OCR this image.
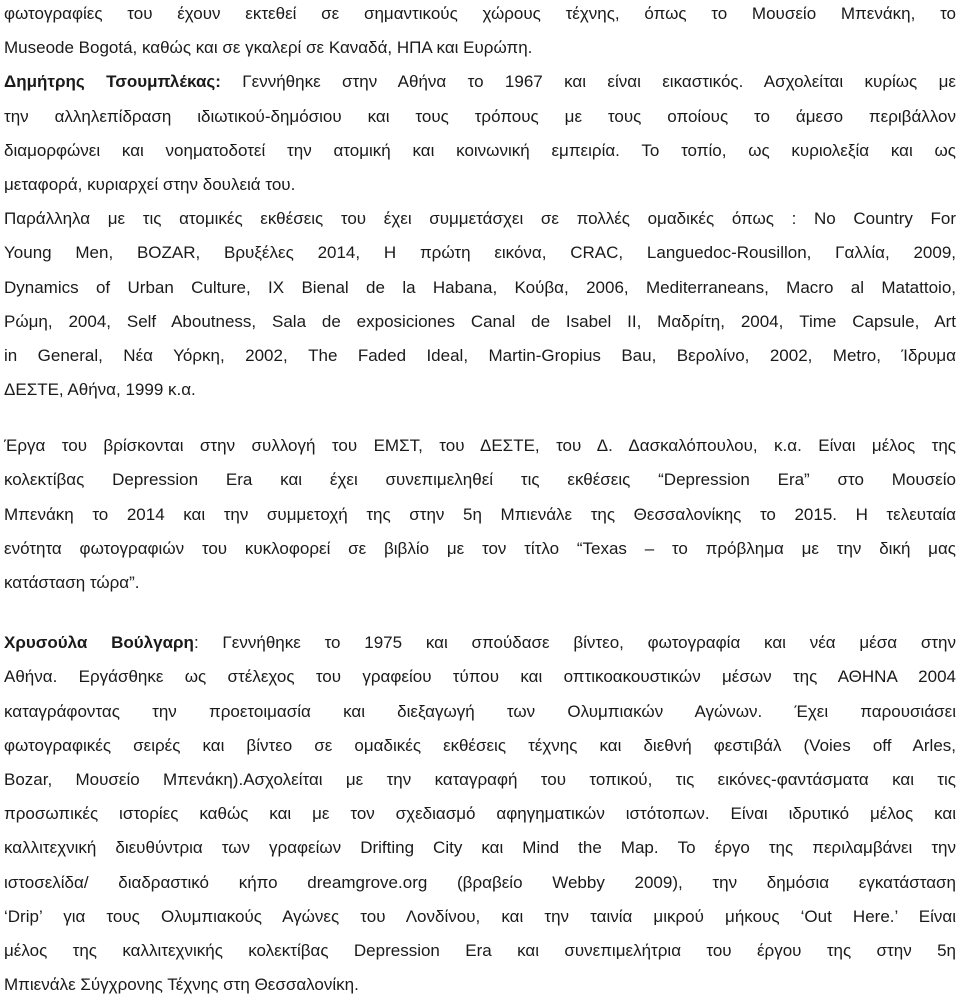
φωτογραφίες του έχουν εκτεθεί σε σημαντικούς χώρους τέχνης, όπως το Μουσείο Μπενάκη, το
Museode Bogotá, καθώς και σε γκαλερί σε Καναδά, ΗΠΑ και Ευρώπη.
Δημήτρης Τσουμπλέκας: Γεννήθηκε στην Αθήνα το 1967 και είναι εικαστικός. Ασχολείται κυρίως με
την αλληλεπίδραση ιδιωτικού-δημόσιου και τους τρόπους με τους οποίους το άμεσο περιβάλλον
διαμορφώνει και νοηματοδοτεί την ατομική και κοινωνική εμπειρία. Το τοπίο, ως κυριολεξία και ως
μεταφορά, κυριαρχεί στην δουλειά του.
Παράλληλα με τις ατομικές εκθέσεις του έχει συμμετάσχει σε πολλές ομαδικές όπως : No Country For
Young Men, BOZAR, Βρυξέλες 2014, Η πρώτη εικόνα, CRAC, Languedoc-Rousillon, Γαλλία, 2009,
Dynamics of Urban Culture, IX Bienal de la Habana, Κούβα, 2006, Mediterraneans, Macro al Matattoio,
Ρώμη, 2004, Self Aboutness, Sala de exposiciones Canal de Isabel II, Μαδρίτη, 2004, Time Capsule, Art
in General, Νέα Υόρκη, 2002, The Faded Ideal, Martin-Gropius Bau, Βερολίνο, 2002, Metro, Ίδρυμα
ΔΕΣΤΕ, Αθήνα, 1999 κ.α.
Έργα του βρίσκονται στην συλλογή του ΕΜΣΤ, του ΔΕΣΤΕ, του Δ. Δασκαλόπουλου, κ.α. Είναι μέλος της
κολεκτίβας Depression Era και έχει συνεπιμεληθεί τις εκθέσεις “Depression Era” στο Μουσείο
Μπενάκη το 2014 και την συμμετοχή της στην 5η Μπιενάλε της Θεσσαλονίκης το 2015. Η τελευταία
ενότητα φωτογραφιών του κυκλοφορεί σε βιβλίο με τον τίτλο “Texas – το πρόβλημα με την δική μας
κατάσταση τώρα”.
Χρυσούλα Βούλγαρη: Γεννήθηκε το 1975 και σπούδασε βίντεο, φωτογραφία και νέα μέσα στην
Αθήνα. Εργάσθηκε ως στέλεχος του γραφείου τύπου και οπτικοακουστικών μέσων της ΑΘΗΝΑ 2004
καταγράφοντας την προετοιμασία και διεξαγωγή των Ολυμπιακών Αγώνων. Έχει παρουσιάσει
φωτογραφικές σειρές και βίντεο σε ομαδικές εκθέσεις τέχνης και διεθνή φεστιβάλ (Voies off Arles,
Bozar, Μουσείο Μπενάκη).Ασχολείται με την καταγραφή του τοπικού, τις εικόνες-φαντάσματα και τις
προσωπικές ιστορίες καθώς και με τον σχεδιασμό αφηγηματικών ιστότοπων. Είναι ιδρυτικό μέλος και
καλλιτεχνική διευθύντρια των γραφείων Drifting City και Mind the Map. Το έργο της περιλαμβάνει την
ιστοσελίδα/ διαδραστικό κήπο dreamgrove.org (βραβείο Webby 2009), την δημόσια εγκατάσταση
‘Drip’ για τους Ολυμπιακούς Αγώνες του Λονδίνου, και την ταινία μικρού μήκους ‘Out Here.’ Είναι
μέλος της καλλιτεχνικής κολεκτίβας Depression Era και συνεπιμελήτρια του έργου της στην 5η
Μπιενάλε Σύγχρονης Τέχνης στη Θεσσαλονίκη.
